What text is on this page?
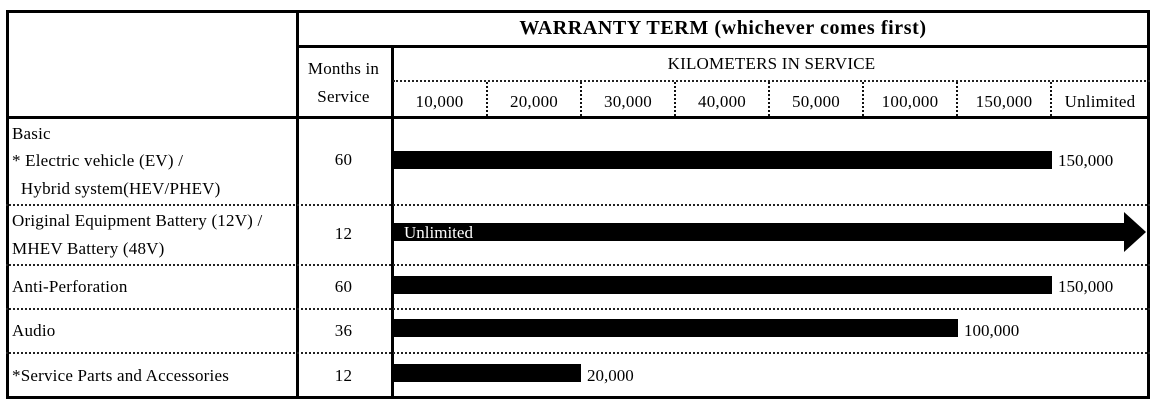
WARRANTY TERM (whichever comes first)
Months in
Service
KILOMETERS IN SERVICE
10,000	20,000	30,000	40,000	50,000	100,000	150,000	Unlimited
Basic
* Electric vehicle (EV) /
Hybrid system(HEV/PHEV)
60	150,000
Original Equipment Battery (12V) /
MHEV Battery (48V)
12	Unlimited
Anti-Perforation	60	150,000
Audio	36	100,000
*Service Parts and Accessories	12	20,000
